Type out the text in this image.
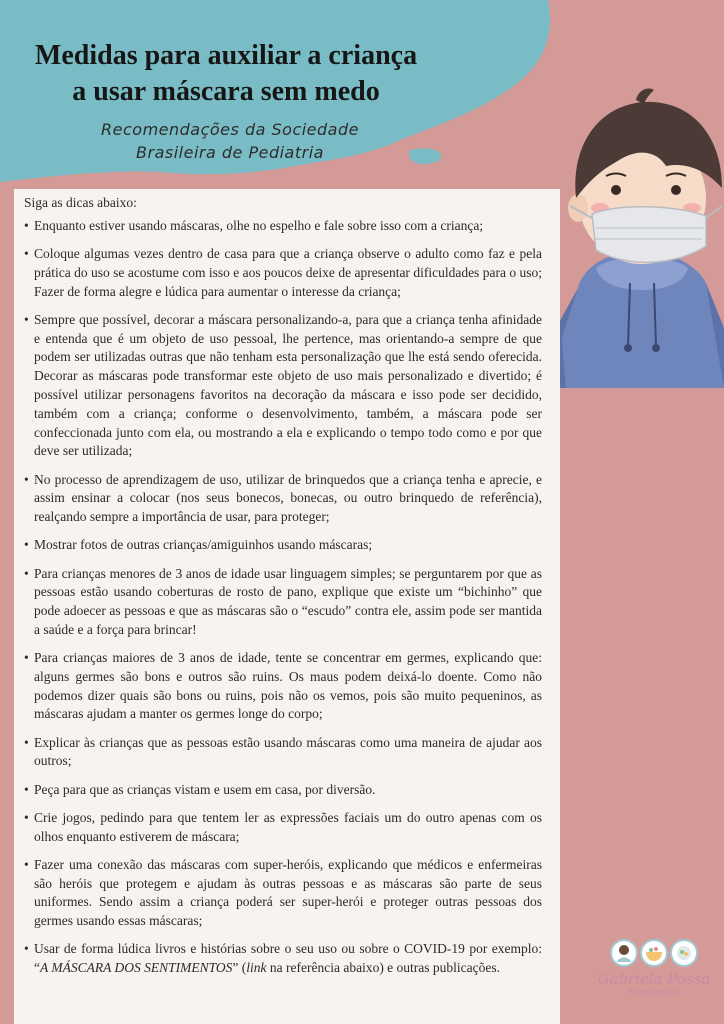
Medidas para auxiliar a criança
a usar máscara sem medo

Recomendações da Sociedade
Brasileira de Pediatria

Siga as dicas abaixo:

• Enquanto estiver usando máscaras, olhe no espelho e fale sobre isso com a criança;
• Coloque algumas vezes dentro de casa para que a criança observe o adulto como faz e pela prática do uso se acostume com isso e aos poucos deixe de apresentar dificuldades para o uso; Fazer de forma alegre e lúdica para aumentar o interesse da criança;
• Sempre que possível, decorar a máscara personalizando-a, para que a criança tenha afinidade e entenda que é um objeto de uso pessoal, lhe pertence, mas orientando-a sempre de que podem ser utilizadas outras que não tenham esta personalização que lhe está sendo oferecida. Decorar as máscaras pode transformar este objeto de uso mais personalizado e divertido; é possível utilizar personagens favoritos na decoração da máscara e isso pode ser decidido, também com a criança; conforme o desenvolvimento, também, a máscara pode ser confeccionada junto com ela, ou mostrando a ela e explicando o tempo todo como e por que deve ser utilizada;
• No processo de aprendizagem de uso, utilizar de brinquedos que a criança tenha e aprecie, e assim ensinar a colocar (nos seus bonecos, bonecas, ou outro brinquedo de referência), realçando sempre a importância de usar, para proteger;
• Mostrar fotos de outras crianças/amiguinhos usando máscaras;
• Para crianças menores de 3 anos de idade usar linguagem simples; se perguntarem por que as pessoas estão usando coberturas de rosto de pano, explique que existe um “bichinho” que pode adoecer as pessoas e que as máscaras são o “escudo” contra ele, assim pode ser mantida a saúde e a força para brincar!
• Para crianças maiores de 3 anos de idade, tente se concentrar em germes, explicando que: alguns germes são bons e outros são ruins. Os maus podem deixá-lo doente. Como não podemos dizer quais são bons ou ruins, pois não os vemos, pois são muito pequeninos, as máscaras ajudam a manter os germes longe do corpo;
• Explicar às crianças que as pessoas estão usando máscaras como uma maneira de ajudar aos outros;
• Peça para que as crianças vistam e usem em casa, por diversão.
• Crie jogos, pedindo para que tentem ler as expressões faciais um do outro apenas com os olhos enquanto estiverem de máscara;
• Fazer uma conexão das máscaras com super-heróis, explicando que médicos e enfermeiras são heróis que protegem e ajudam às outras pessoas e as máscaras são parte de seus uniformes. Sendo assim a criança poderá ser super-herói e proteger outras pessoas dos germes usando essas máscaras;
• Usar de forma lúdica livros e histórias sobre o seu uso ou sobre o COVID-19 por exemplo: “A MÁSCARA DOS SENTIMENTOS” (link na referência abaixo) e outras publicações.
Gabriela Possa
Nutricionista
